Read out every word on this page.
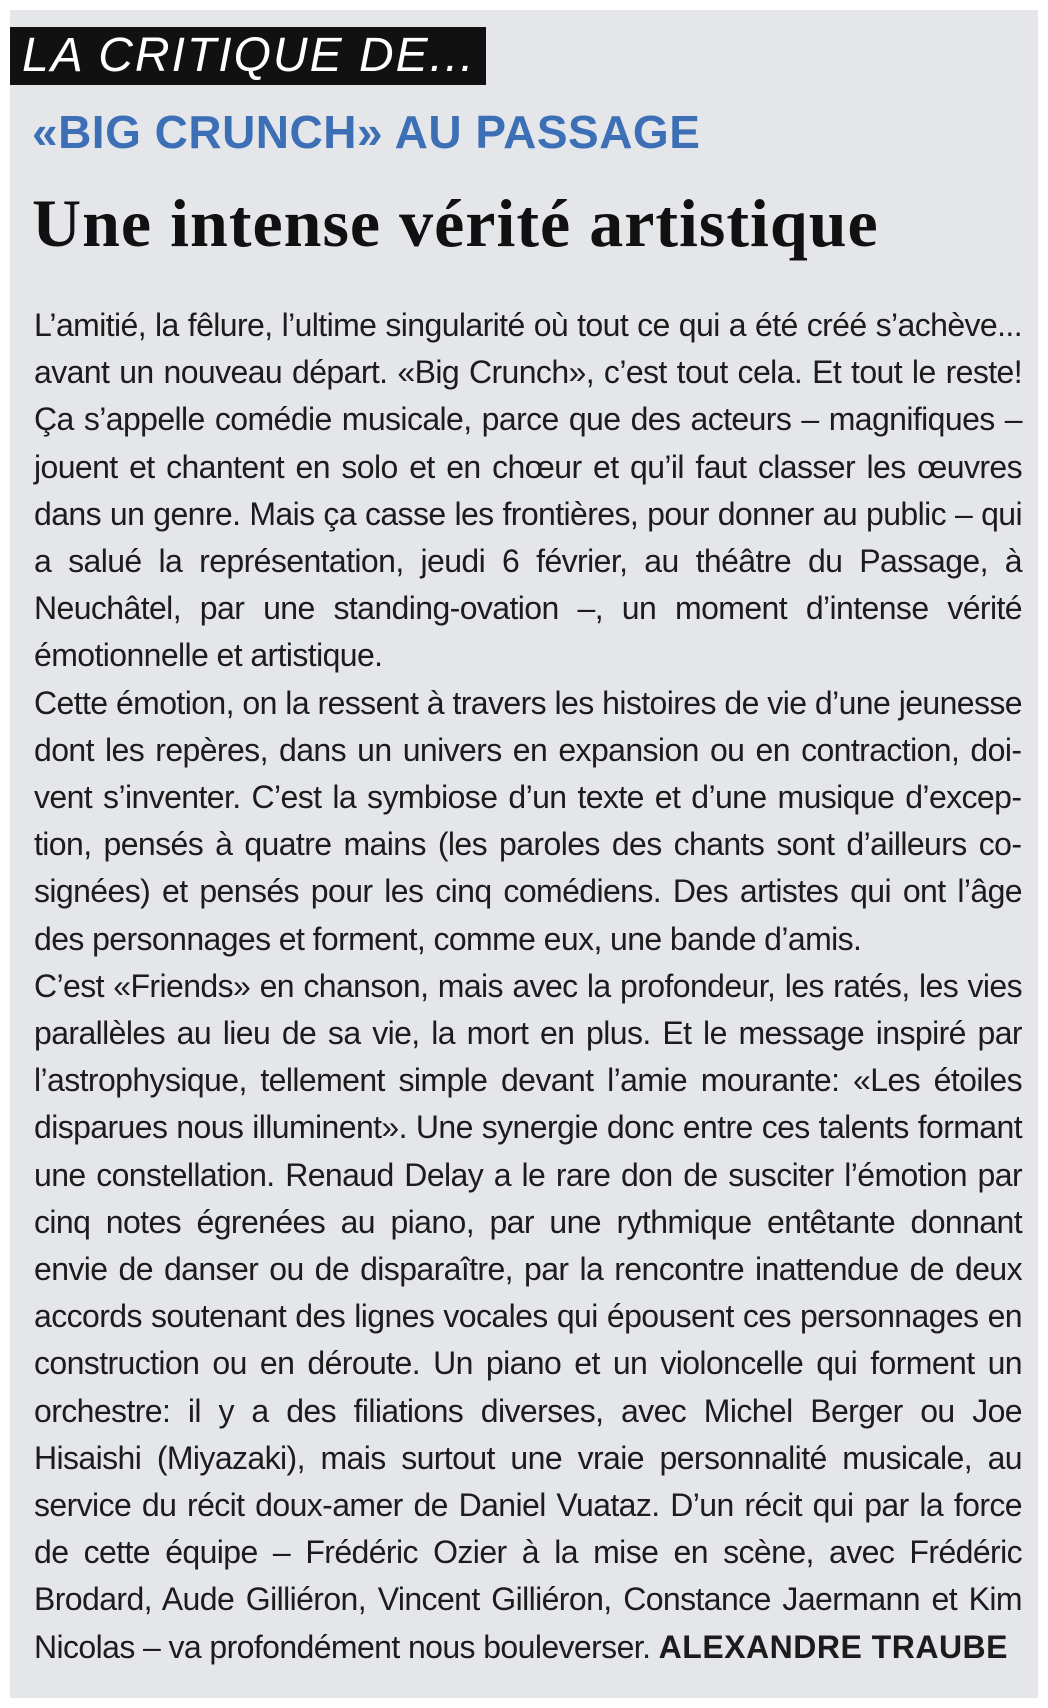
LA CRITIQUE DE...
«BIG CRUNCH» AU PASSAGE
Une intense vérité artistique

L’amitié, la fêlure, l’ultime singularité où tout ce qui a été créé s’achève... avant un nouveau départ. «Big Crunch», c’est tout cela. Et tout le reste! Ça s’appelle comédie musicale, parce que des acteurs – magnifiques – jouent et chantent en solo et en chœur et qu’il faut classer les œuvres dans un genre. Mais ça casse les frontières, pour donner au public – qui a salué la représentation, jeudi 6 février, au théâtre du Passage, à Neuchâtel, par une standing-ovation –, un moment d’intense vérité émotionnelle et artistique.

Cette émotion, on la ressent à travers les histoires de vie d’une jeunesse dont les repères, dans un univers en expansion ou en contraction, doivent s’inventer. C’est la symbiose d’un texte et d’une musique d’exception, pensés à quatre mains (les paroles des chants sont d’ailleurs cosignées) et pensés pour les cinq comédiens. Des artistes qui ont l’âge des personnages et forment, comme eux, une bande d’amis.

C’est «Friends» en chanson, mais avec la profondeur, les ratés, les vies parallèles au lieu de sa vie, la mort en plus. Et le message inspiré par l’astrophysique, tellement simple devant l’amie mourante: «Les étoiles disparues nous illuminent». Une synergie donc entre ces talents formant une constellation. Renaud Delay a le rare don de susciter l’émotion par cinq notes égrenées au piano, par une rythmique entêtante donnant envie de danser ou de disparaître, par la rencontre inattendue de deux accords soutenant des lignes vocales qui épousent ces personnages en construction ou en déroute. Un piano et un violoncelle qui forment un orchestre: il y a des filiations diverses, avec Michel Berger ou Joe Hisaishi (Miyazaki), mais surtout une vraie personnalité musicale, au service du récit doux-amer de Daniel Vuataz. D’un récit qui par la force de cette équipe – Frédéric Ozier à la mise en scène, avec Frédéric Brodard, Aude Gilliéron, Vincent Gilliéron, Constance Jaermann et Kim Nicolas – va profondément nous bouleverser. ALEXANDRE TRAUBE
